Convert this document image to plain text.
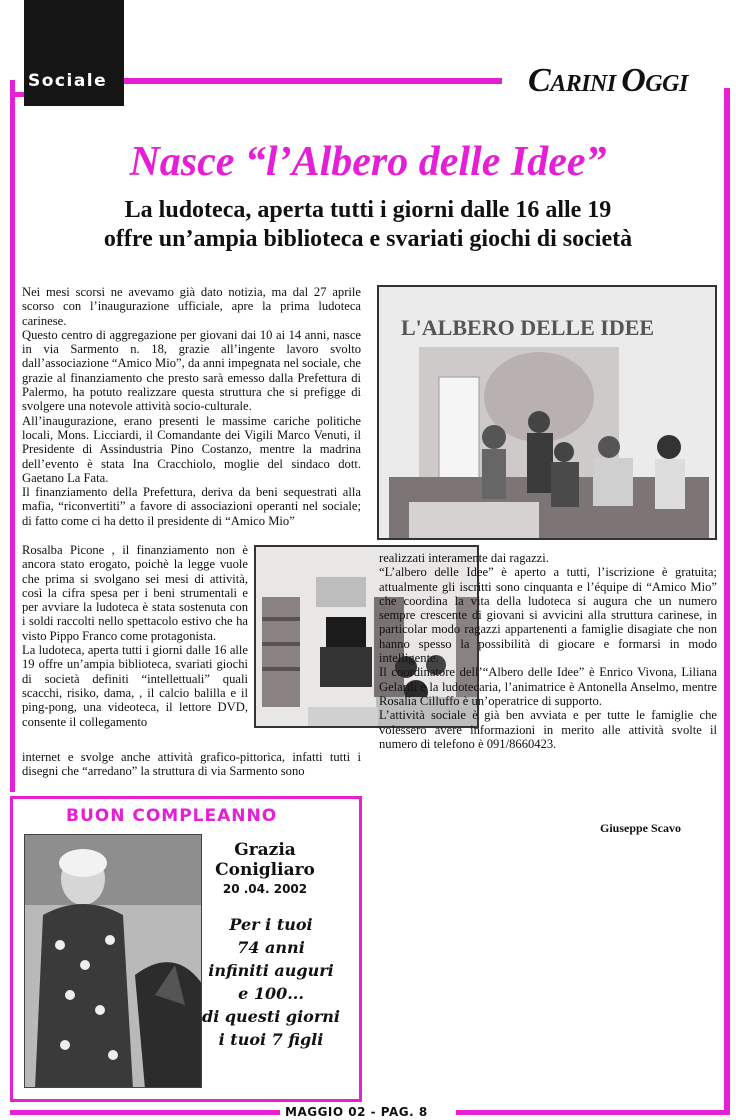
Sociale	CARINI OGGI
Nasce “l’Albero delle Idee”
La ludoteca, aperta tutti i giorni dalle 16 alle 19
offre un’ampia biblioteca e svariati giochi di società

Nei mesi scorsi ne avevamo già dato notizia, ma dal 27 aprile scorso con l’inaugurazione ufficiale, apre la prima ludoteca carinese.

Questo centro di aggregazione per giovani dai 10 ai 14 anni, nasce in via Sarmento n. 18, grazie all’ingente lavoro svolto dall’associazione “Amico Mio”, da anni impegnata nel sociale, che grazie al finanziamento che presto sarà emesso dalla Prefettura di Palermo, ha potuto realizzare questa struttura che si prefigge di svolgere una notevole attività socio-culturale.

All’inaugurazione, erano presenti le massime cariche politiche locali, Mons. Licciardi, il Comandante dei Vigili Marco Venuti, il Presidente di Assindustria Pino Costanzo, mentre la madrina dell’evento è stata Ina Cracchiolo, moglie del sindaco dott. Gaetano La Fata.

Il finanziamento della Prefettura, deriva da beni sequestrati alla mafia, “riconvertiti” a favore di associazioni operanti nel sociale; di fatto come ci ha detto il presidente di “Amico Mio”

Rosalba Picone , il finanziamento non è ancora stato erogato, poichè la legge vuole che prima si svolgano sei mesi di attività, così la cifra spesa per i beni strumentali e per avviare la ludoteca è stata sostenuta con i soldi raccolti nello spettacolo estivo che ha visto Pippo Franco come protagonista.

La ludoteca, aperta tutti i giorni dalle 16 alle 19 offre un’ampia biblioteca, svariati giochi di società definiti “intellettuali” quali scacchi, risiko, dama, , il calcio balilla e il ping-pong, una videoteca, il lettore DVD, consente il collegamento

internet e svolge anche attività grafico-pittorica, infatti tutti i disegni che “arredano” la struttura di via Sarmento sono

L'ALBERO DELLE IDEE

realizzati interamente dai ragazzi.

“L’albero delle Idee” è aperto a tutti, l’iscrizione è gratuita; attualmente gli iscritti sono cinquanta e l’équipe di “Amico Mio” che coordina la vita della ludoteca si augura che un numero sempre crescente di giovani si avvicini alla struttura carinese, in particolar modo ragazzi appartenenti a famiglie disagiate che non hanno spesso la possibilità di giocare e formarsi in modo intelligente.

Il coordinatore dell’“Albero delle Idee” è Enrico Vivona, Liliana Gelardi è la ludotecaria, l’animatrice è Antonella Anselmo, mentre Rosalia Cilluffo è un’operatrice di supporto.

L’attività sociale è già ben avviata e per tutte le famiglie che volessero avere informazioni in merito alle attività svolte il numero di telefono è 091/8660423.

Giuseppe Scavo
BUON COMPLEANNO
Grazia
Conigliaro
20 .04. 2002
Per i tuoi
74 anni
infiniti auguri
e 100...
di questi giorni
i tuoi 7 figli
MAGGIO 02 - PAG. 8
